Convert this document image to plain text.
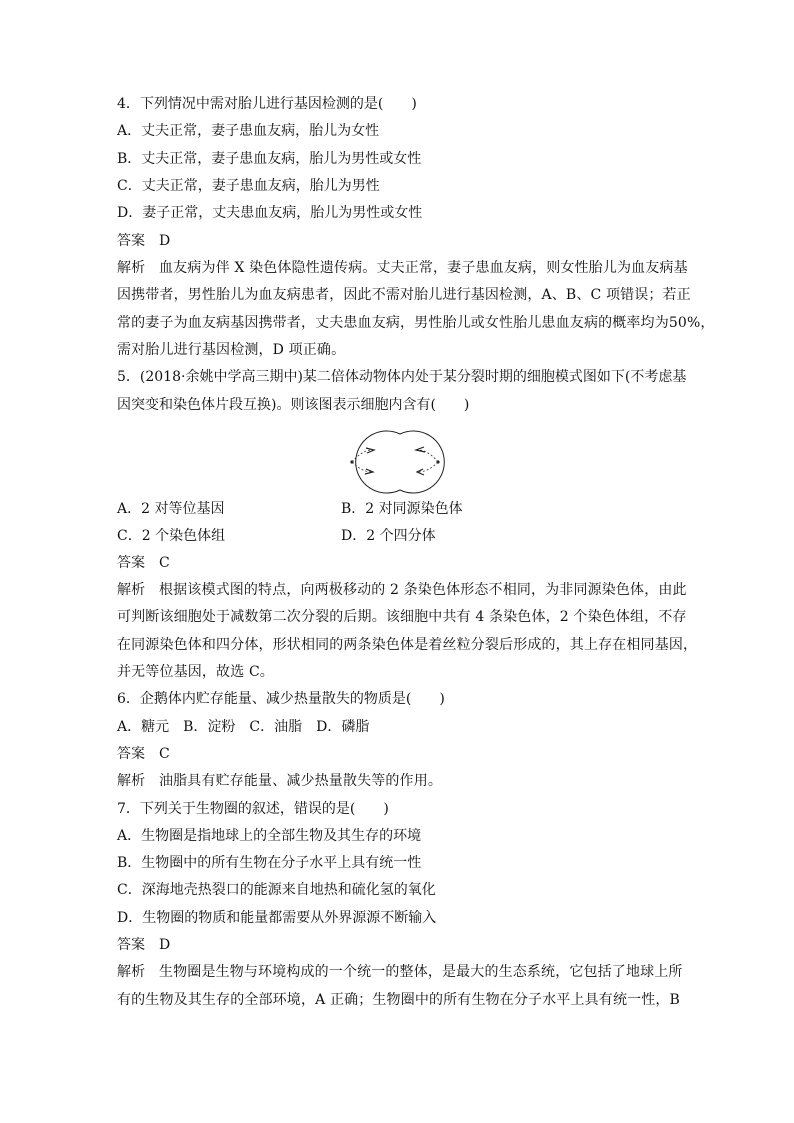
4．下列情况中需对胎儿进行基因检测的是(　　)
A．丈夫正常，妻子患血友病，胎儿为女性
B．丈夫正常，妻子患血友病，胎儿为男性或女性
C．丈夫正常，妻子患血友病，胎儿为男性
D．妻子正常，丈夫患血友病，胎儿为男性或女性
答案 D
解析 血友病为伴 X 染色体隐性遗传病。丈夫正常，妻子患血友病，则女性胎儿为血友病基
因携带者，男性胎儿为血友病患者，因此不需对胎儿进行基因检测，A、B、C 项错误；若正
常的妻子为血友病基因携带者，丈夫患血友病，男性胎儿或女性胎儿患血友病的概率均为50%，
需对胎儿进行基因检测，D 项正确。
5．(2018·余姚中学高三期中)某二倍体动物体内处于某分裂时期的细胞模式图如下(不考虑基
因突变和染色体片段互换)。则该图表示细胞内含有(　　)
A．2 对等位基因	B．2 对同源染色体
C．2 个染色体组	D．2 个四分体
答案 C
解析 根据该模式图的特点，向两极移动的 2 条染色体形态不相同，为非同源染色体，由此
可判断该细胞处于减数第二次分裂的后期。该细胞中共有 4 条染色体，2 个染色体组，不存
在同源染色体和四分体，形状相同的两条染色体是着丝粒分裂后形成的，其上存在相同基因，
并无等位基因，故选 C。
6．企鹅体内贮存能量、减少热量散失的物质是(　　)
A．糖元　B．淀粉　C．油脂　D．磷脂
答案 C
解析 油脂具有贮存能量、减少热量散失等的作用。
7．下列关于生物圈的叙述，错误的是(　　)
A．生物圈是指地球上的全部生物及其生存的环境
B．生物圈中的所有生物在分子水平上具有统一性
C．深海地壳热裂口的能源来自地热和硫化氢的氧化
D．生物圈的物质和能量都需要从外界源源不断输入
答案 D
解析 生物圈是生物与环境构成的一个统一的整体，是最大的生态系统，它包括了地球上所
有的生物及其生存的全部环境，A 正确；生物圈中的所有生物在分子水平上具有统一性，B
